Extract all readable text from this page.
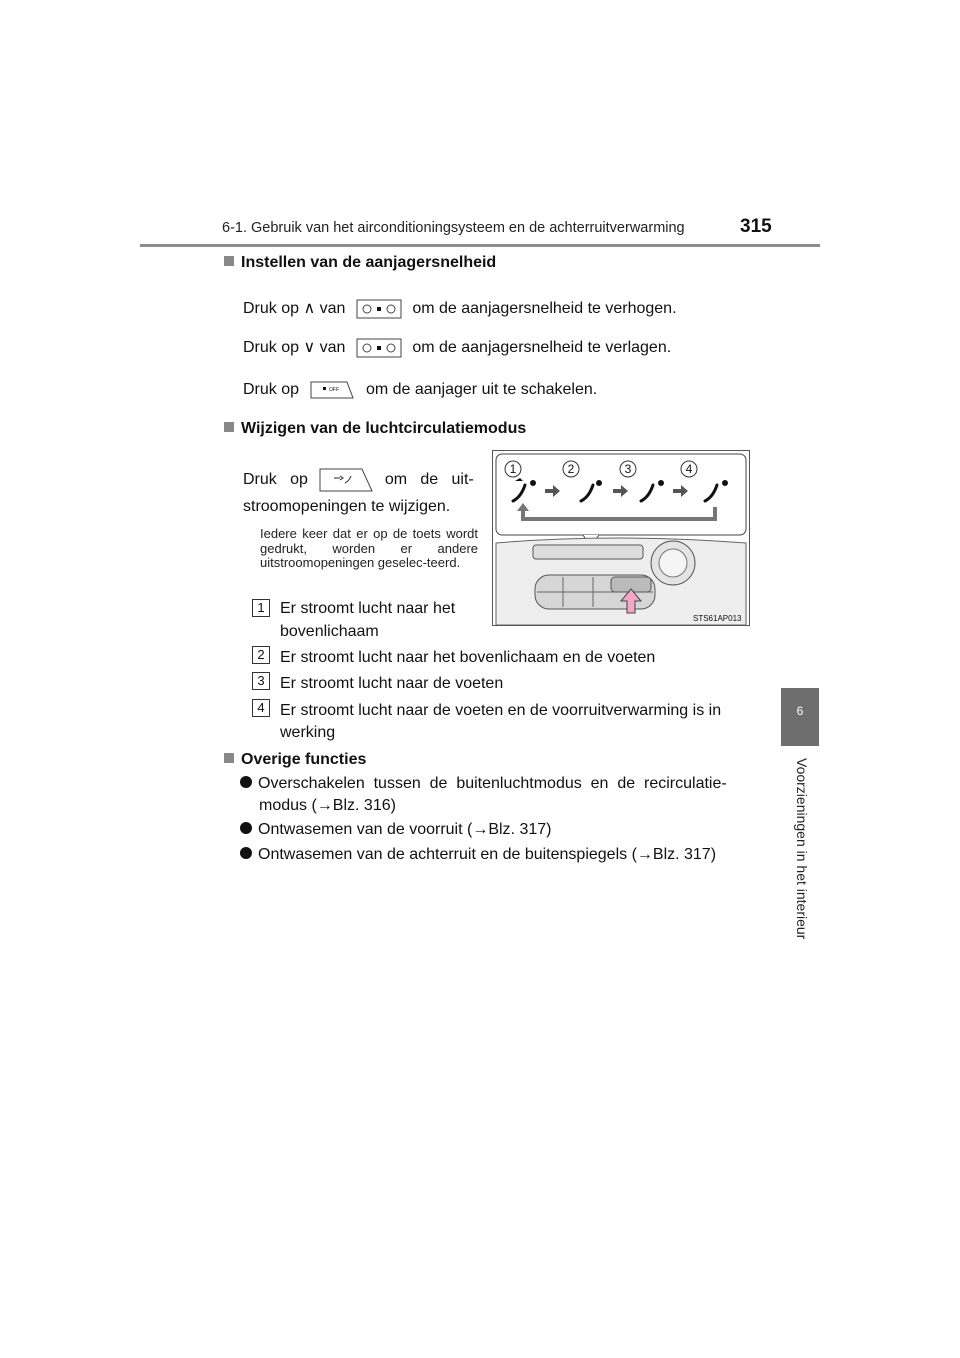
6-1. Gebruik van het airconditioningsysteem en de achterruitverwarming	315
6
Voorzieningen in het interieur
Instellen van de aanjagersnelheid
Druk op ∧ van	om de aanjagersnelheid te verhogen.
Druk op ∨ van	om de aanjagersnelheid te verlagen.
Druk op	OFF om de aanjager uit te schakelen.
Wijzigen van de luchtcirculatiemodus
Druk   op	om   de   uit-
stroomopeningen te wijzigen.
Iedere keer dat er op de toets wordt gedrukt, worden er andere uitstroomopeningen geselec-teerd.
1 Er stroomt lucht naar het
bovenlichaam
2 Er stroomt lucht naar het bovenlichaam en de voeten
3 Er stroomt lucht naar de voeten
4 Er stroomt lucht naar de voeten en de voorruitverwarming is in
werking
1	2	3	4
STS61AP013
Overige functies
Overschakelen  tussen  de  buitenluchtmodus  en  de  recirculatie-
modus (→Blz. 316)
Ontwasemen van de voorruit (→Blz. 317)
Ontwasemen van de achterruit en de buitenspiegels (→Blz. 317)
